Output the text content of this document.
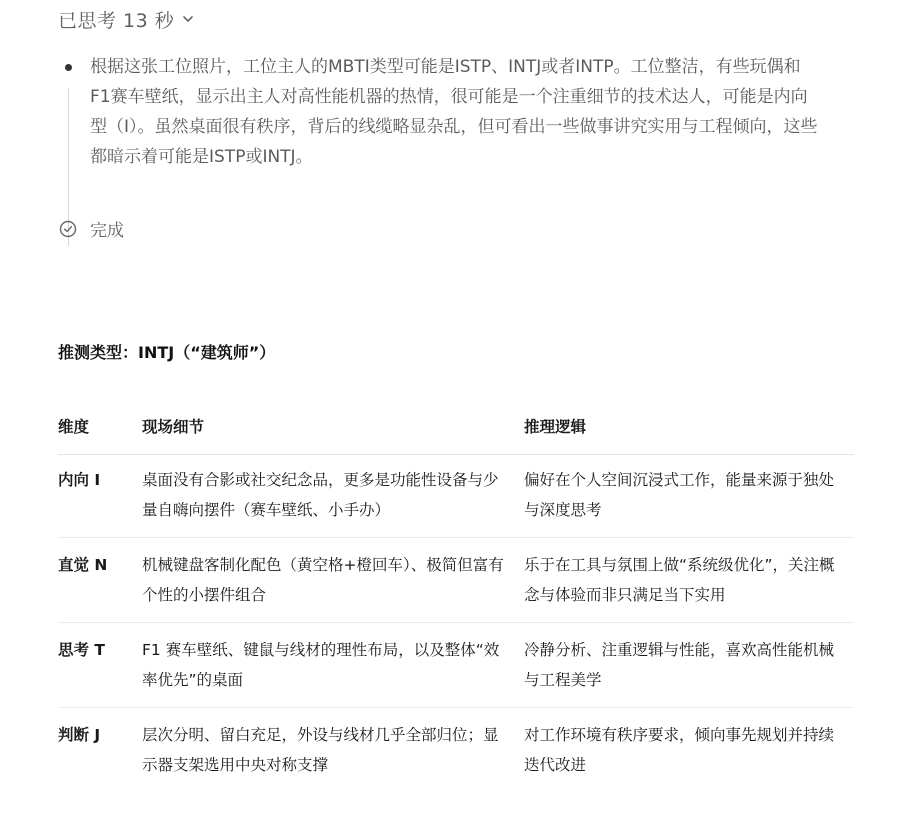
已思考 13 秒
根据这张工位照片，工位主人的MBTI类型可能是ISTP、INTJ或者INTP。工位整洁，有些玩偶和F1赛车壁纸，显示出主人对高性能机器的热情，很可能是一个注重细节的技术达人，可能是内向型（I）。虽然桌面很有秩序，背后的线缆略显杂乱，但可看出一些做事讲究实用与工程倾向，这些都暗示着可能是ISTP或INTJ。
完成
推测类型：INTJ（“建筑师”）
维度	现场细节	推理逻辑

内向 I	桌面没有合影或社交纪念品，更多是功能性设备与少量自嗨向摆件（赛车壁纸、小手办）	偏好在个人空间沉浸式工作，能量来源于独处与深度思考

直觉 N	机械键盘客制化配色（黄空格+橙回车）、极简但富有个性的小摆件组合	乐于在工具与氛围上做“系统级优化”，关注概念与体验而非只满足当下实用

思考 T	F1 赛车壁纸、键鼠与线材的理性布局，以及整体“效率优先”的桌面	冷静分析、注重逻辑与性能，喜欢高性能机械与工程美学

判断 J	层次分明、留白充足，外设与线材几乎全部归位；显示器支架选用中央对称支撑	对工作环境有秩序要求，倾向事先规划并持续迭代改进
